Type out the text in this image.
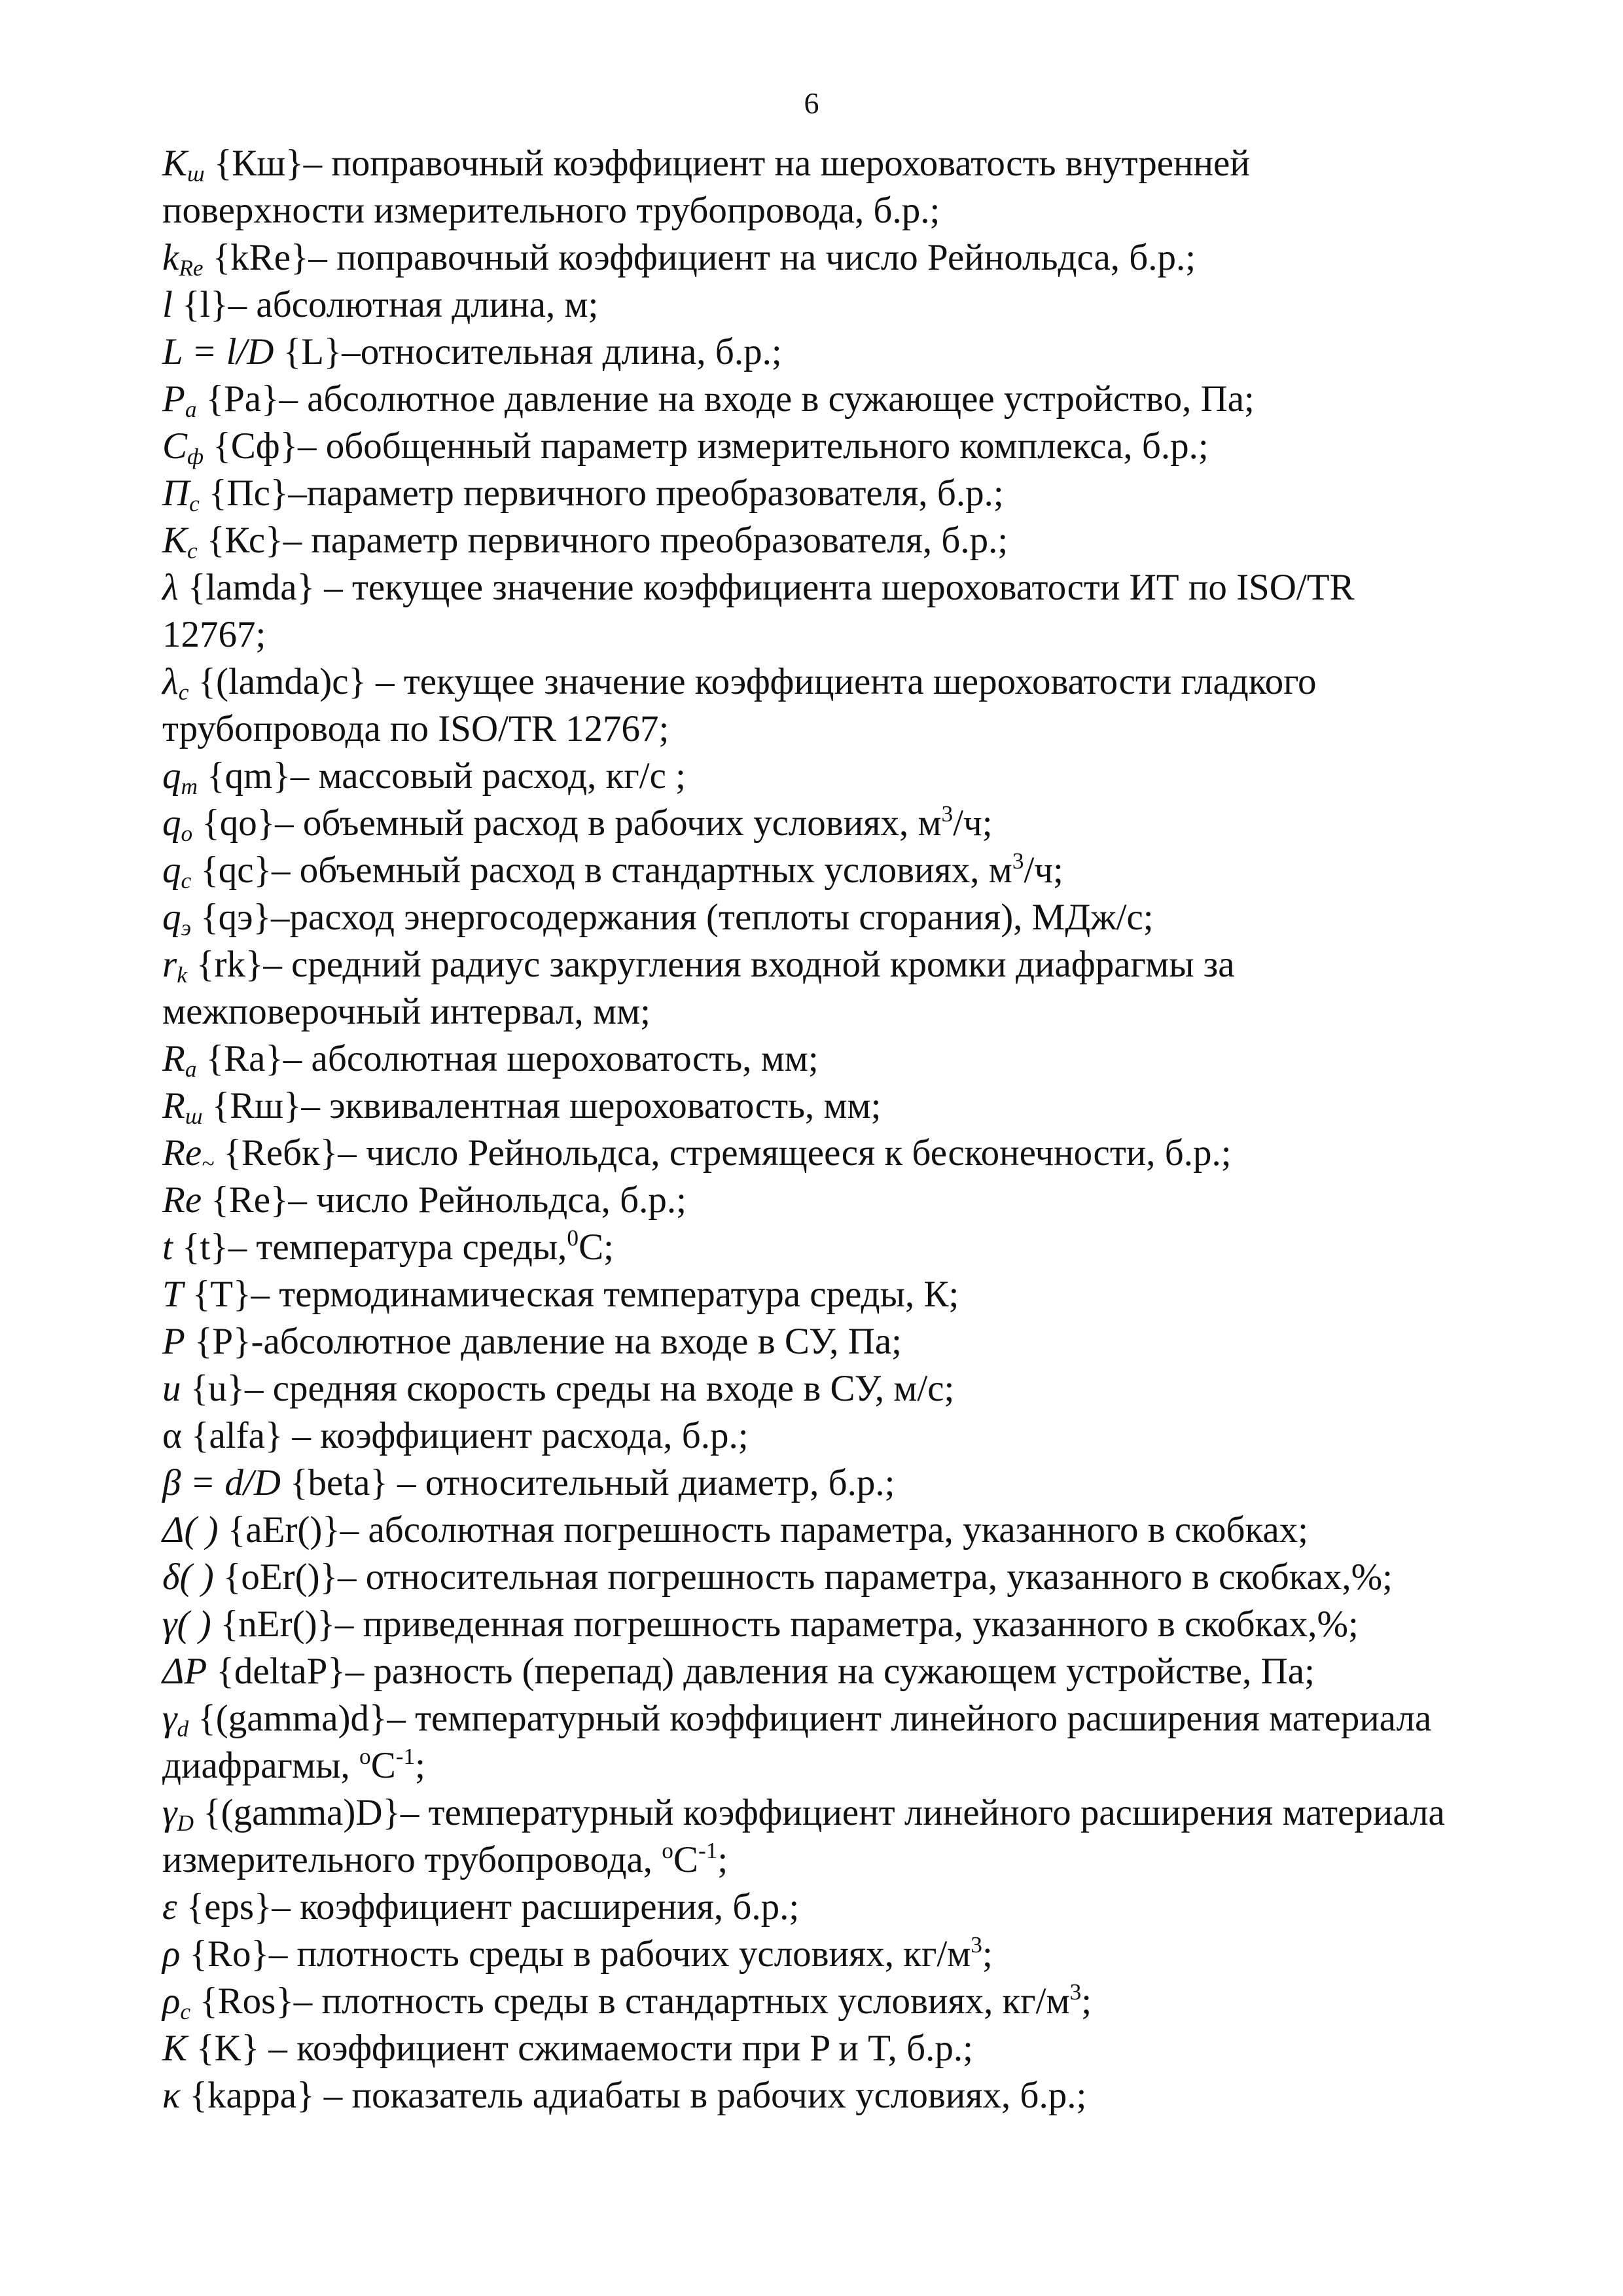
6

$K_ш$ {Кш}– поправочный коэффициент на шероховатость внутренней поверхности измерительного трубопровода, б.р.;

$k_{Re}$ {kRe}– поправочный коэффициент на число Рейнольдса, б.р.;

l {l}– абсолютная длина, м;

L = l/D {L}–относительная длина, б.р.;

$P_a$ {Pa}– абсолютное давление на входе в сужающее устройство, Па;

$C_ф$ {Сф}– обобщенный параметр измерительного комплекса, б.р.;

$П_с$ {Пс}–параметр первичного преобразователя, б.р.;

$K_c$ {Кс}– параметр первичного преобразователя, б.р.;

λ {lamda} – текущее значение коэффициента шероховатости ИТ по ISO/TR 12767;

$\lambda_c$ {(lamda)c} – текущее значение коэффициента шероховатости гладкого трубопровода по ISO/TR 12767;

$q_m$ {qm}– массовый расход, кг/с ;

$q_o$ {qo}– объемный расход в рабочих условиях, $м^3/ч$;

$q_c$ {qc}– объемный расход в стандартных условиях, $м^3/ч$;

$q_э$ {qэ}–расход энергосодержания (теплоты сгорания), МДж/с;

$r_k$ {rk}– средний радиус закругления входной кромки диафрагмы за межповерочный интервал, мм;

$R_a$ {Ra}– абсолютная шероховатость, мм;

$R_ш$ {Rш}– эквивалентная шероховатость, мм;

$Re_\sim$ {Reбк}– число Рейнольдса, стремящееся к бесконечности, б.р.;

Re {Re}– число Рейнольдса, б.р.;

t {t}– температура среды,$^0$С;

T {T}– термодинамическая температура среды, К;

P {P}-абсолютное давление на входе в СУ, Па;

u {u}– средняя скорость среды на входе в СУ, м/с;

α {alfa} – коэффициент расхода, б.р.;

β = d/D {beta} – относительный диаметр, б.р.;

Δ( ) {aEr()}– абсолютная погрешность параметра, указанного в скобках;

δ( ) {oEr()}– относительная погрешность параметра, указанного в скобках,%;

γ( ) {nEr()}– приведенная погрешность параметра, указанного в скобках,%;

ΔP {deltaP}– разность (перепад) давления на сужающем устройстве, Па;

$\gamma_d$ {(gamma)d}– температурный коэффициент линейного расширения материала диафрагмы, $^oС^{-1}$;

$\gamma_D$ {(gamma)D}– температурный коэффициент линейного расширения материала измерительного трубопровода, $^oС^{-1}$;

ε {eps}– коэффициент расширения, б.р.;

ρ {Ro}– плотность среды в рабочих условиях, $кг/м^3$;

$\rho_c$ {Ros}– плотность среды в стандартных условиях, $кг/м^3$;

K {K} – коэффициент сжимаемости при P и T, б.р.;

κ {kappa} – показатель адиабаты в рабочих условиях, б.р.;
